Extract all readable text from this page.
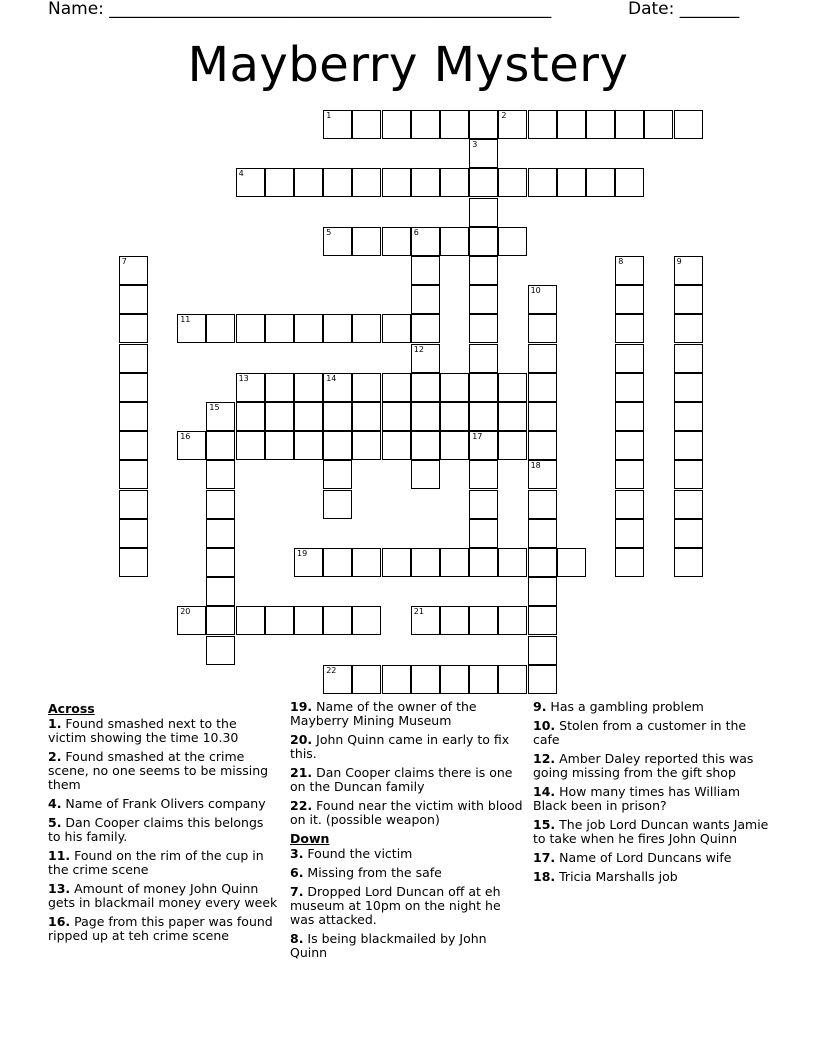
Name: ____________________________________________________	Date: _______
Mayberry Mystery
1	2
3
17
4
5	6
12
7	8	9
10
11
13	14
15
16
18
19
20	21
22
Across
1. Found smashed next to the victim showing the time 10.30
2. Found smashed at the crime scene, no one seems to be missing them
4. Name of Frank Olivers company
5. Dan Cooper claims this belongs to his family.
11. Found on the rim of the cup in the crime scene
13. Amount of money John Quinn gets in blackmail money every week
16. Page from this paper was found ripped up at teh crime scene
19. Name of the owner of the Mayberry Mining Museum
20. John Quinn came in early to fix this.
21. Dan Cooper claims there is one on the Duncan family
22. Found near the victim with blood on it. (possible weapon)
Down
3. Found the victim
6. Missing from the safe
7. Dropped Lord Duncan off at eh museum at 10pm on the night he was attacked.
8. Is being blackmailed by John Quinn
9. Has a gambling problem
10. Stolen from a customer in the cafe
12. Amber Daley reported this was going missing from the gift shop
14. How many times has William Black been in prison?
15. The job Lord Duncan wants Jamie to take when he fires John Quinn
17. Name of Lord Duncans wife
18. Tricia Marshalls job
